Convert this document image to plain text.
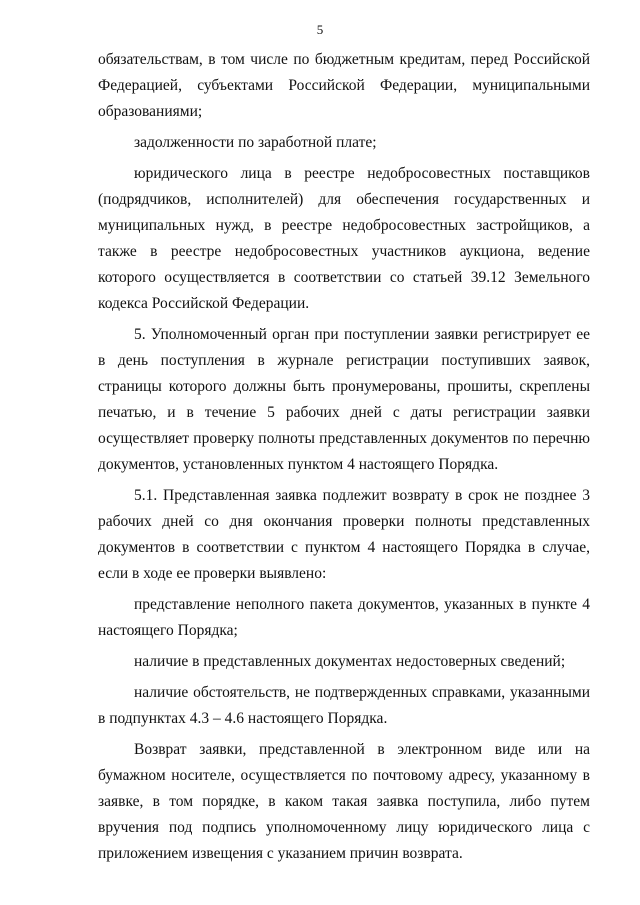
5

обязательствам, в том числе по бюджетным кредитам, перед Российской Федерацией, субъектами Российской Федерации, муниципальными образованиями;

задолженности по заработной плате;

юридического лица в реестре недобросовестных поставщиков (подрядчиков, исполнителей) для обеспечения государственных и муниципальных нужд, в реестре недобросовестных застройщиков, а также в реестре недобросовестных участников аукциона, ведение которого осуществляется в соответствии со статьей 39.12 Земельного кодекса Российской Федерации.

5. Уполномоченный орган при поступлении заявки регистрирует ее в день поступления в журнале регистрации поступивших заявок, страницы которого должны быть пронумерованы, прошиты, скреплены печатью, и в течение 5 рабочих дней с даты регистрации заявки осуществляет проверку полноты представленных документов по перечню документов, установленных пунктом 4 настоящего Порядка.

5.1. Представленная заявка подлежит возврату в срок не позднее 3 рабочих дней со дня окончания проверки полноты представленных документов в соответствии с пунктом 4 настоящего Порядка в случае, если в ходе ее проверки выявлено:

представление неполного пакета документов, указанных в пункте 4 настоящего Порядка;

наличие в представленных документах недостоверных сведений;

наличие обстоятельств, не подтвержденных справками, указанными в подпунктах 4.3 – 4.6 настоящего Порядка.

Возврат заявки, представленной в электронном виде или на бумажном носителе, осуществляется по почтовому адресу, указанному в заявке, в том порядке, в каком такая заявка поступила, либо путем вручения под подпись уполномоченному лицу юридического лица с приложением извещения с указанием причин возврата.
